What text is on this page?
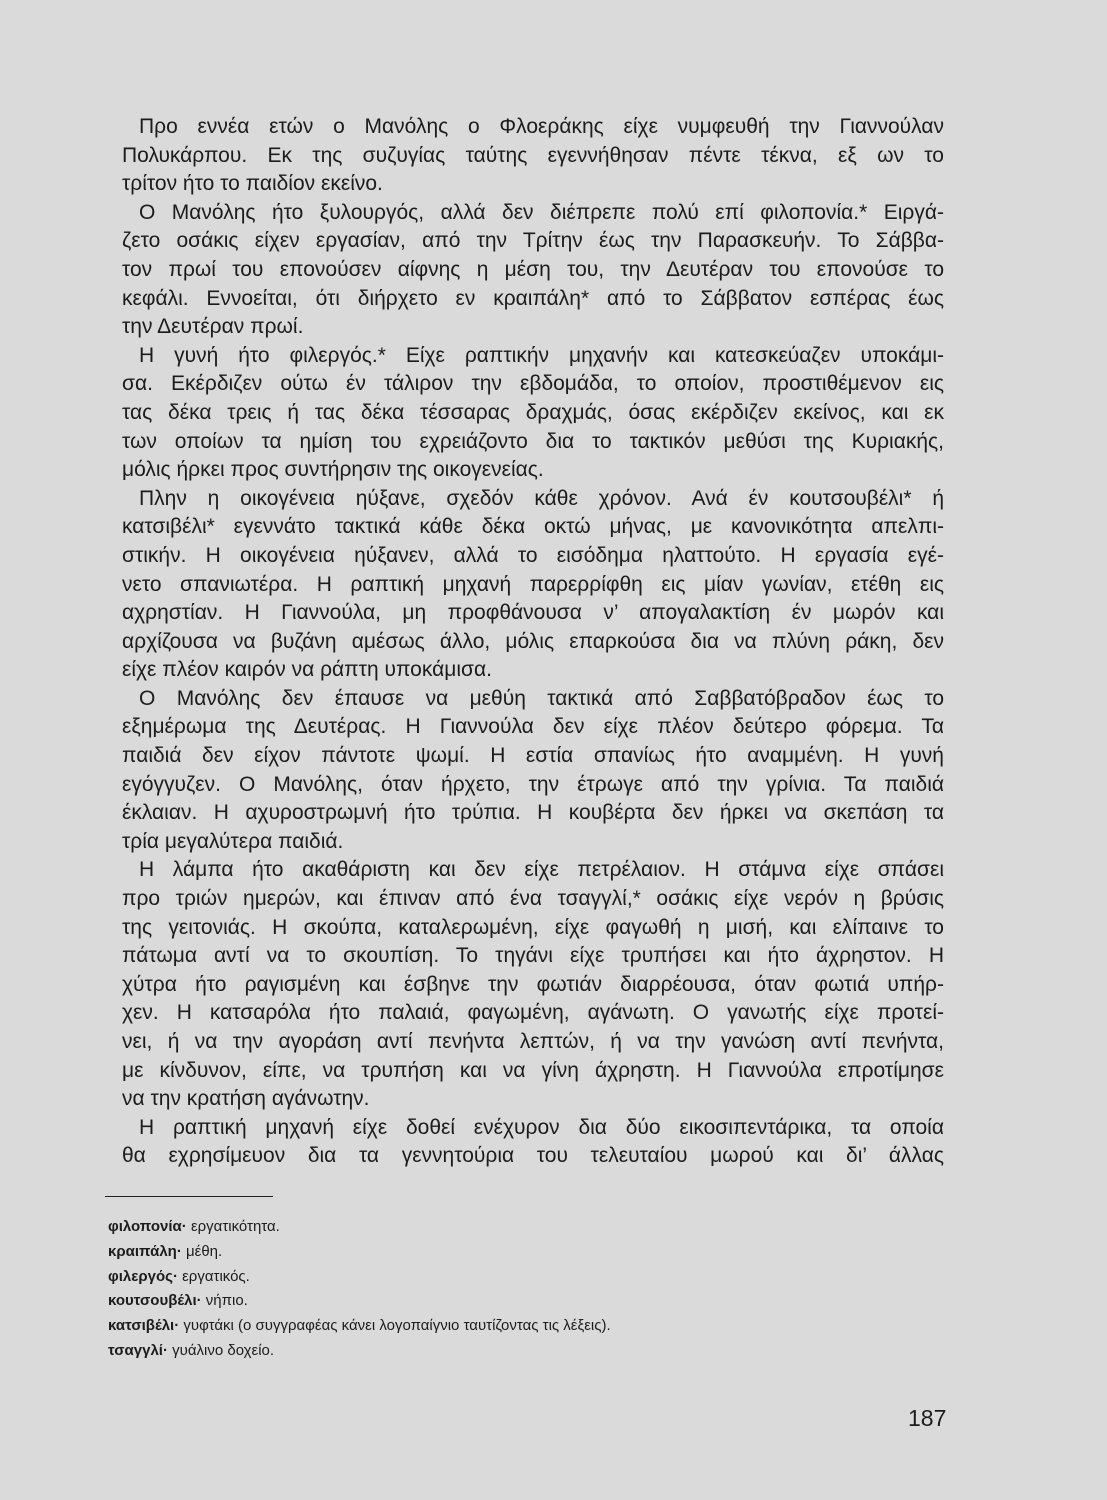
Προ εννέα ετών ο Μανόλης ο Φλοεράκης είχε νυμφευθή την Γιαννούλαν
Πολυκάρπου. Εκ της συζυγίας ταύτης εγεννήθησαν πέντε τέκνα, εξ ων το
τρίτον ήτο το παιδίον εκείνο.
Ο Μανόλης ήτο ξυλουργός, αλλά δεν διέπρεπε πολύ επί φιλοπονία.* Ειργά-
ζετο οσάκις είχεν εργασίαν, από την Τρίτην έως την Παρασκευήν. Το Σάββα-
τον πρωί του επονούσεν αίφνης η μέση του, την Δευτέραν του επονούσε το
κεφάλι. Εννοείται, ότι διήρχετο εν κραιπάλη* από το Σάββατον εσπέρας έως
την Δευτέραν πρωί.
Η γυνή ήτο φιλεργός.* Είχε ραπτικήν μηχανήν και κατεσκεύαζεν υποκάμι-
σα. Εκέρδιζεν ούτω έν τάλιρον την εβδομάδα, το οποίον, προστιθέμενον εις
τας δέκα τρεις ή τας δέκα τέσσαρας δραχμάς, όσας εκέρδιζεν εκείνος, και εκ
των οποίων τα ημίση του εχρειάζοντο δια το τακτικόν μεθύσι της Κυριακής,
μόλις ήρκει προς συντήρησιν της οικογενείας.
Πλην η οικογένεια ηύξανε, σχεδόν κάθε χρόνον. Ανά έν κουτσουβέλι* ή
κατσιβέλι* εγεννάτο τακτικά κάθε δέκα οκτώ μήνας, με κανονικότητα απελπι-
στικήν. Η οικογένεια ηύξανεν, αλλά το εισόδημα ηλαττούτο. Η εργασία εγέ-
νετο σπανιωτέρα. Η ραπτική μηχανή παρερρίφθη εις μίαν γωνίαν, ετέθη εις
αχρηστίαν. Η Γιαννούλα, μη προφθάνουσα ν’ απογαλακτίση έν μωρόν και
αρχίζουσα να βυζάνη αμέσως άλλο, μόλις επαρκούσα δια να πλύνη ράκη, δεν
είχε πλέον καιρόν να ράπτη υποκάμισα.
Ο Μανόλης δεν έπαυσε να μεθύη τακτικά από Σαββατόβραδον έως το
εξημέρωμα της Δευτέρας. Η Γιαννούλα δεν είχε πλέον δεύτερο φόρεμα. Τα
παιδιά δεν είχον πάντοτε ψωμί. Η εστία σπανίως ήτο αναμμένη. Η γυνή
εγόγγυζεν. Ο Μανόλης, όταν ήρχετο, την έτρωγε από την γρίνια. Τα παιδιά
έκλαιαν. Η αχυροστρωμνή ήτο τρύπια. Η κουβέρτα δεν ήρκει να σκεπάση τα
τρία μεγαλύτερα παιδιά.
Η λάμπα ήτο ακαθάριστη και δεν είχε πετρέλαιον. Η στάμνα είχε σπάσει
προ τριών ημερών, και έπιναν από ένα τσαγγλί,* οσάκις είχε νερόν η βρύσις
της γειτονιάς. Η σκούπα, καταλερωμένη, είχε φαγωθή η μισή, και ελίπαινε το
πάτωμα αντί να το σκουπίση. Το τηγάνι είχε τρυπήσει και ήτο άχρηστον. Η
χύτρα ήτο ραγισμένη και έσβηνε την φωτιάν διαρρέουσα, όταν φωτιά υπήρ-
χεν. Η κατσαρόλα ήτο παλαιά, φαγωμένη, αγάνωτη. Ο γανωτής είχε προτεί-
νει, ή να την αγοράση αντί πενήντα λεπτών, ή να την γανώση αντί πενήντα,
με κίνδυνον, είπε, να τρυπήση και να γίνη άχρηστη. Η Γιαννούλα επροτίμησε
να την κρατήση αγάνωτην.
Η ραπτική μηχανή είχε δοθεί ενέχυρον δια δύο εικοσιπεντάρικα, τα οποία
θα εχρησίμευον δια τα γεννητούρια του τελευταίου μωρού και δι’ άλλας
φιλοπονία· εργατικότητα.
κραιπάλη· μέθη.
φιλεργός· εργατικός.
κουτσουβέλι· νήπιο.
κατσιβέλι· γυφτάκι (ο συγγραφέας κάνει λογοπαίγνιο ταυτίζοντας τις λέξεις).
τσαγγλί· γυάλινο δοχείο.
187
